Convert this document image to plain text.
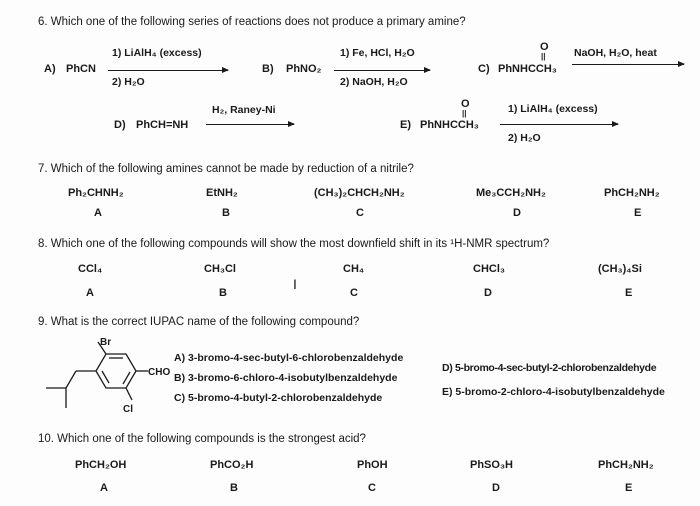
6. Which one of the following series of reactions does not produce a primary amine?
A) PhCN
1) LiAlH₄ (excess)
2) H₂O
B) PhNO₂
1) Fe, HCl, H₂O
2) NaOH, H₂O
C) PhNHCCH₃
O
||	NaOH, H₂O, heat
D) PhCH=NH
H₂, Raney-Ni
E) PhNHCCH₃
O
||	1) LiAlH₄ (excess)
2) H₂O
7. Which of the following amines cannot be made by reduction of a nitrile?
Ph₂CHNH₂
A
EtNH₂
B
(CH₃)₂CHCH₂NH₂
C
Me₃CCH₂NH₂
D
PhCH₂NH₂
E
8. Which one of the following compounds will show the most downfield shift in its ¹H-NMR spectrum?
CCl₄
A
CH₃Cl
B
I
CH₄
C
CHCl₃
D
(CH₃)₄Si
E
9. What is the correct IUPAC name of the following compound?
Br
CHO
Cl
A) 3-bromo-4-sec-butyl-6-chlorobenzaldehyde
B) 3-bromo-6-chloro-4-isobutylbenzaldehyde
C) 5-bromo-4-butyl-2-chlorobenzaldehyde
D) 5-bromo-4-sec-butyl-2-chlorobenzaldehyde
E) 5-bromo-2-chloro-4-isobutylbenzaldehyde
10. Which one of the following compounds is the strongest acid?
PhCH₂OH
A
PhCO₂H
B
PhOH
C
PhSO₃H
D
PhCH₂NH₂
E
